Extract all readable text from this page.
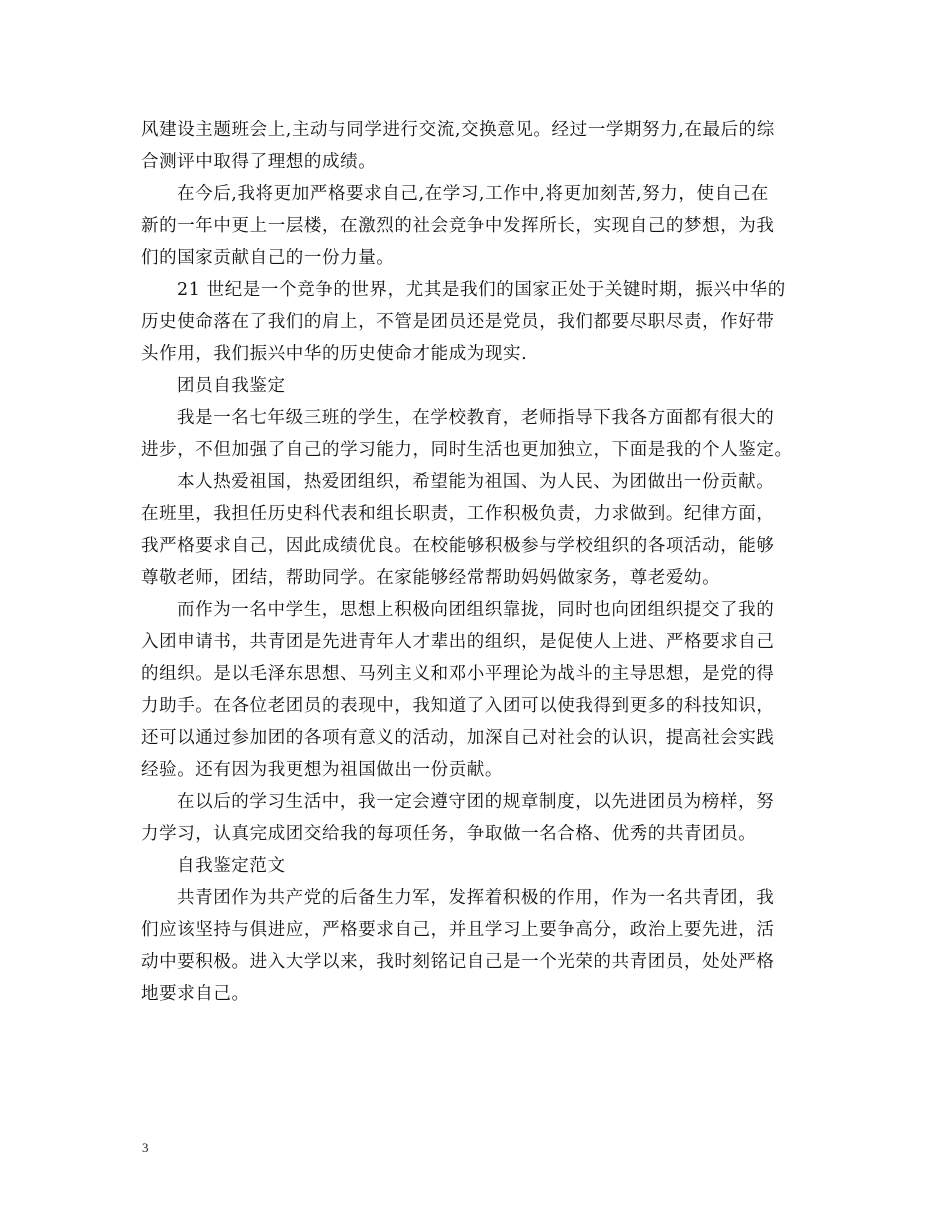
风建设主题班会上,主动与同学进行交流,交换意见。经过一学期努力,在最后的综
合测评中取得了理想的成绩。
在今后,我将更加严格要求自己,在学习,工作中,将更加刻苦,努力，使自己在
新的一年中更上一层楼，在激烈的社会竞争中发挥所长，实现自己的梦想，为我
们的国家贡献自己的一份力量。
21 世纪是一个竞争的世界，尤其是我们的国家正处于关键时期，振兴中华的
历史使命落在了我们的肩上，不管是团员还是党员，我们都要尽职尽责，作好带
头作用，我们振兴中华的历史使命才能成为现实.
团员自我鉴定
我是一名七年级三班的学生，在学校教育，老师指导下我各方面都有很大的
进步，不但加强了自己的学习能力，同时生活也更加独立，下面是我的个人鉴定。
本人热爱祖国，热爱团组织，希望能为祖国、为人民、为团做出一份贡献。
在班里，我担任历史科代表和组长职责，工作积极负责，力求做到。纪律方面，
我严格要求自己，因此成绩优良。在校能够积极参与学校组织的各项活动，能够
尊敬老师，团结，帮助同学。在家能够经常帮助妈妈做家务，尊老爱幼。
而作为一名中学生，思想上积极向团组织靠拢，同时也向团组织提交了我的
入团申请书，共青团是先进青年人才辈出的组织，是促使人上进、严格要求自己
的组织。是以毛泽东思想、马列主义和邓小平理论为战斗的主导思想，是党的得
力助手。在各位老团员的表现中，我知道了入团可以使我得到更多的科技知识，
还可以通过参加团的各项有意义的活动，加深自己对社会的认识，提高社会实践
经验。还有因为我更想为祖国做出一份贡献。
在以后的学习生活中，我一定会遵守团的规章制度，以先进团员为榜样，努
力学习，认真完成团交给我的每项任务，争取做一名合格、优秀的共青团员。
自我鉴定范文
共青团作为共产党的后备生力军，发挥着积极的作用，作为一名共青团，我
们应该坚持与俱进应，严格要求自己，并且学习上要争高分，政治上要先进，活
动中要积极。进入大学以来，我时刻铭记自己是一个光荣的共青团员，处处严格
地要求自己。
3
